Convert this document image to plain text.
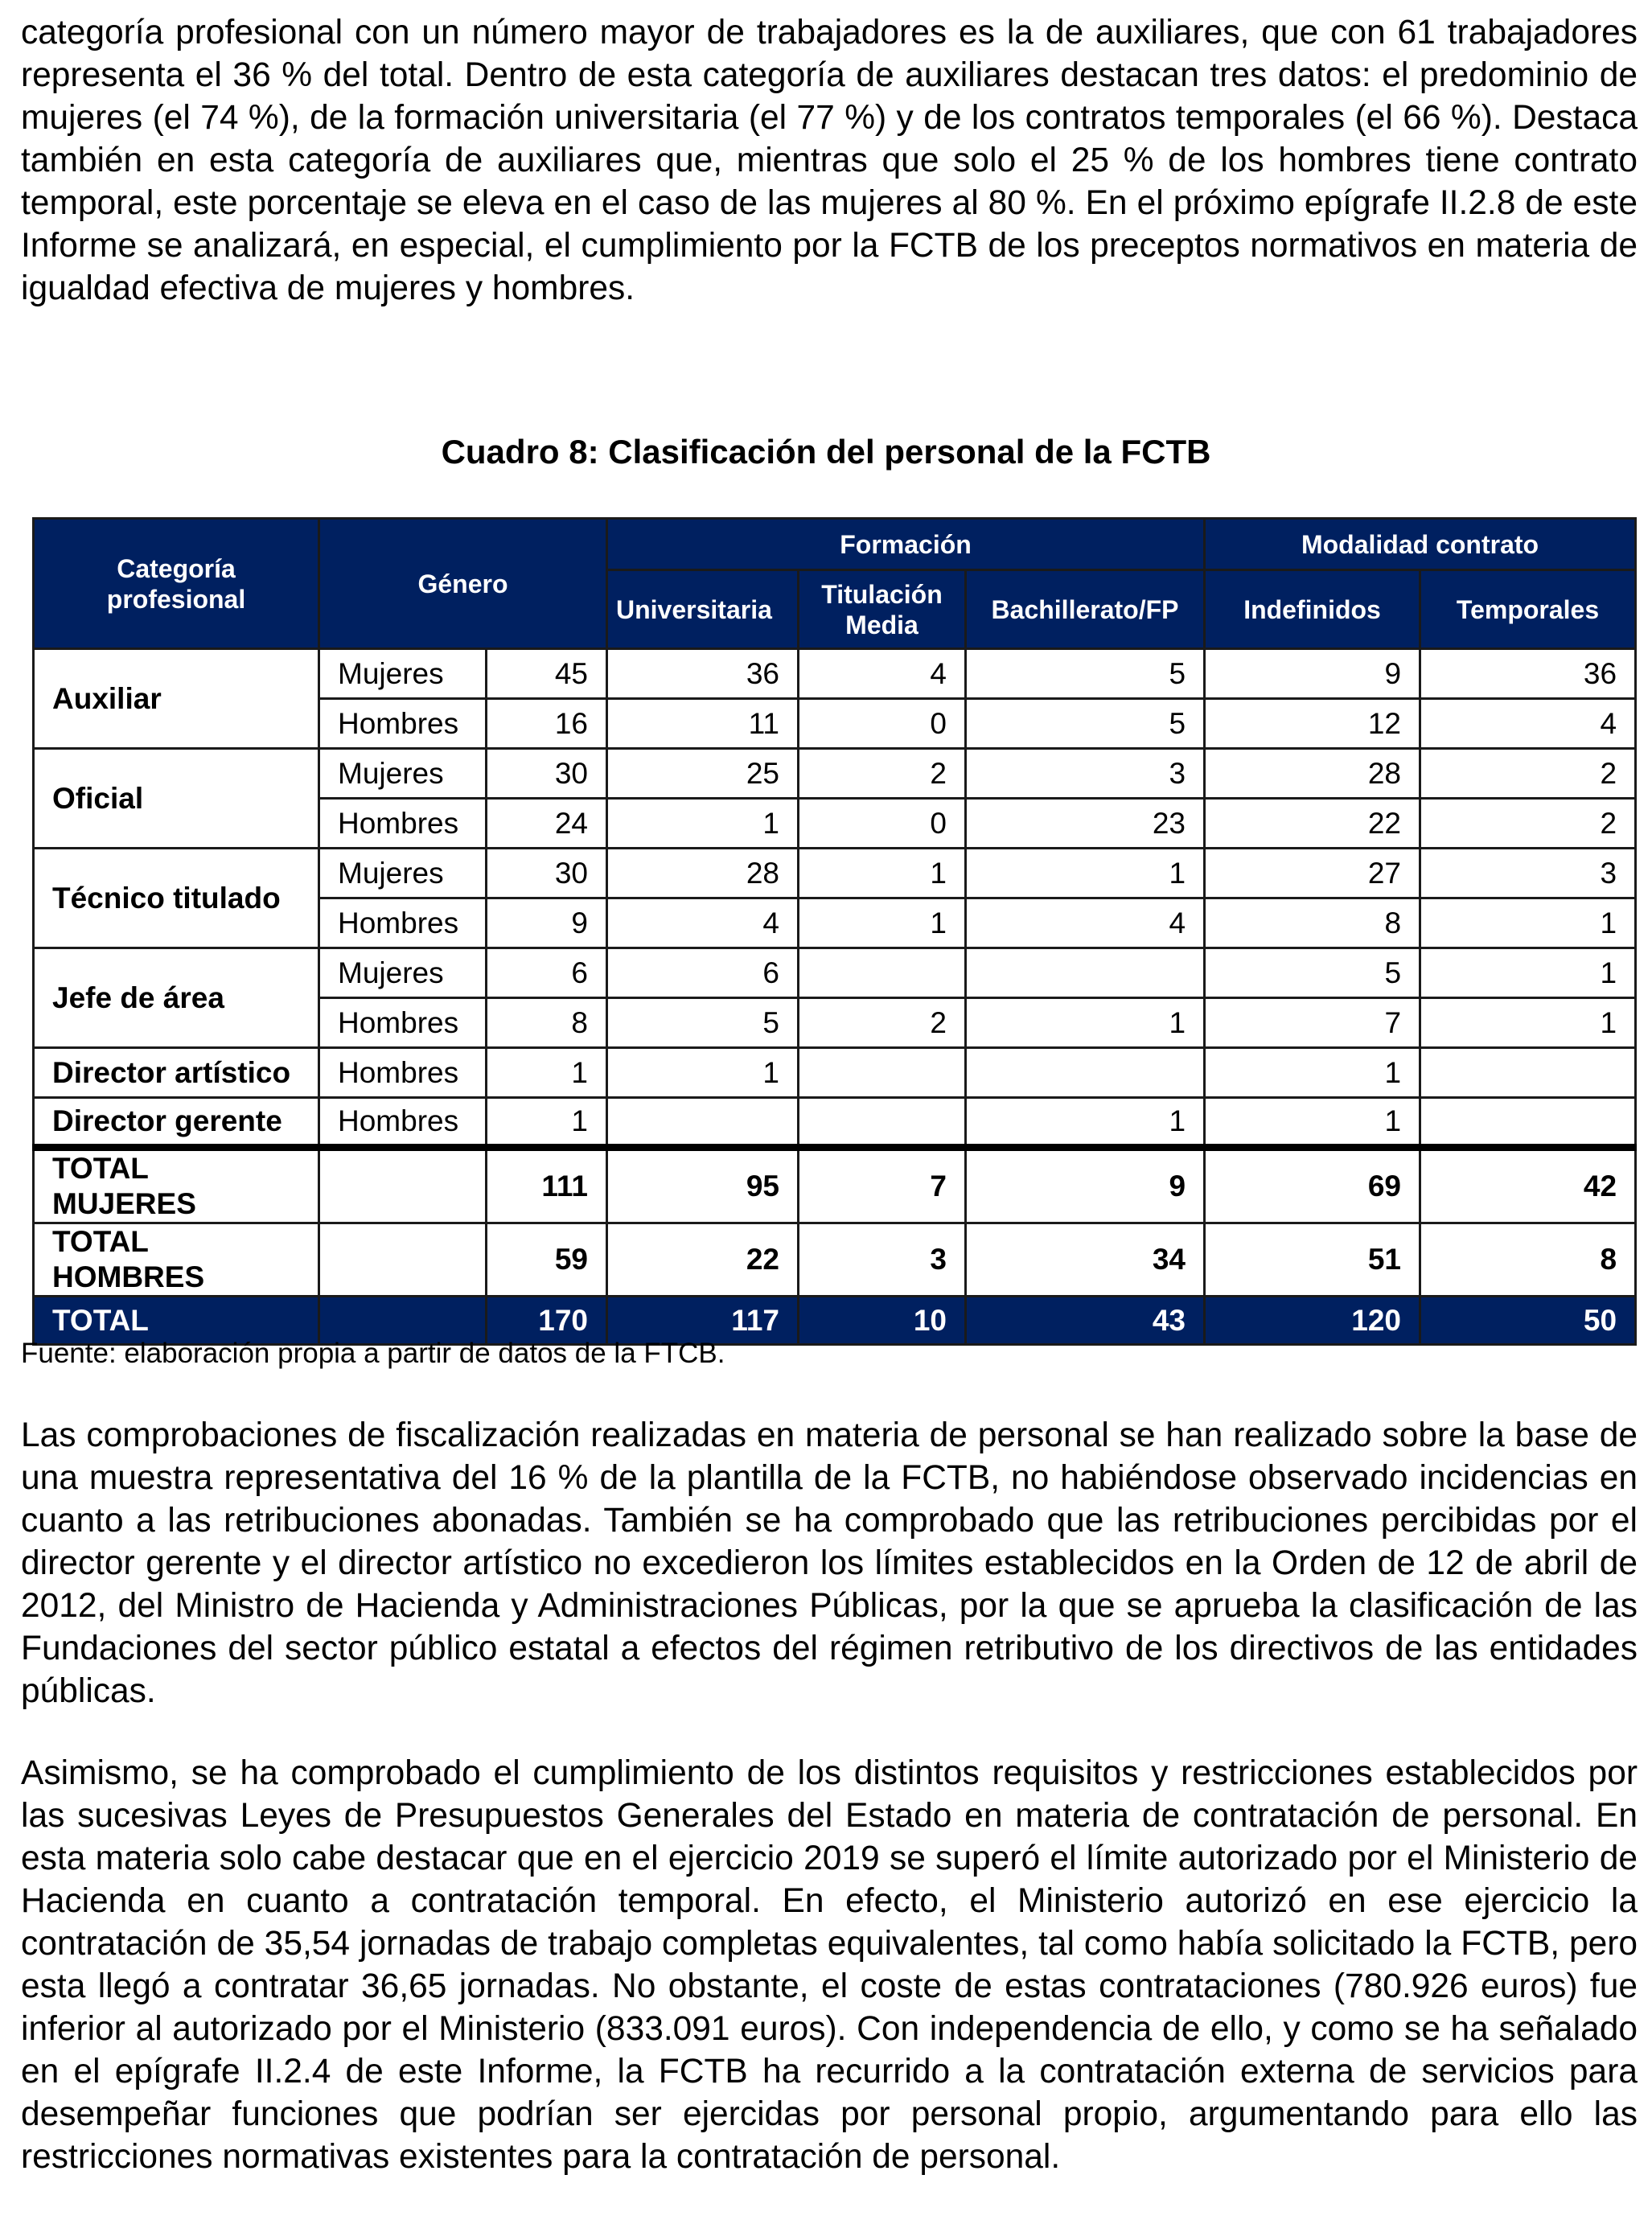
categoría profesional con un número mayor de trabajadores es la de auxiliares, que con 61 trabajadores representa el 36 % del total. Dentro de esta categoría de auxiliares destacan tres datos: el predominio de mujeres (el 74 %), de la formación universitaria (el 77 %) y de los contratos temporales (el 66 %). Destaca también en esta categoría de auxiliares que, mientras que solo el 25 % de los hombres tiene contrato temporal, este porcentaje se eleva en el caso de las mujeres al 80 %. En el próximo epígrafe II.2.8 de este Informe se analizará, en especial, el cumplimiento por la FCTB de los preceptos normativos en materia de igualdad efectiva de mujeres y hombres.

Cuadro 8: Clasificación del personal de la FCTB
Categoría profesional	Género		Formación			Modalidad contrato	
			Universitaria	Titulación Media	Bachillerato/FP	Indefinidos	Temporales
Auxiliar	Mujeres	45	36	4	5	9	36
	Hombres	16	11	0	5	12	4
Oficial	Mujeres	30	25	2	3	28	2
	Hombres	24	1	0	23	22	2
Técnico titulado	Mujeres	30	28	1	1	27	3
	Hombres	9	4	1	4	8	1
Jefe de área	Mujeres	6	6			5	1
	Hombres	8	5	2	1	7	1
Director artístico	Hombres	1	1			1	
Director gerente	Hombres	1			1	1	
TOTAL
MUJERES		111	95	7	9	69	42
TOTAL
HOMBRES		59	22	3	34	51	8
TOTAL		170	117	10	43	120	50
Fuente: elaboración propia a partir de datos de la FTCB.

Las comprobaciones de fiscalización realizadas en materia de personal se han realizado sobre la base de una muestra representativa del 16 % de la plantilla de la FCTB, no habiéndose observado incidencias en cuanto a las retribuciones abonadas. También se ha comprobado que las retribuciones percibidas por el director gerente y el director artístico no excedieron los límites establecidos en la Orden de 12 de abril de 2012, del Ministro de Hacienda y Administraciones Públicas, por la que se aprueba la clasificación de las Fundaciones del sector público estatal a efectos del régimen retributivo de los directivos de las entidades públicas.

Asimismo, se ha comprobado el cumplimiento de los distintos requisitos y restricciones establecidos por las sucesivas Leyes de Presupuestos Generales del Estado en materia de contratación de personal. En esta materia solo cabe destacar que en el ejercicio 2019 se superó el límite autorizado por el Ministerio de Hacienda en cuanto a contratación temporal. En efecto, el Ministerio autorizó en ese ejercicio la contratación de 35,54 jornadas de trabajo completas equivalentes, tal como había solicitado la FCTB, pero esta llegó a contratar 36,65 jornadas. No obstante, el coste de estas contrataciones (780.926 euros) fue inferior al autorizado por el Ministerio (833.091 euros). Con independencia de ello, y como se ha señalado en el epígrafe II.2.4 de este Informe, la FCTB ha recurrido a la contratación externa de servicios para desempeñar funciones que podrían ser ejercidas por personal propio, argumentando para ello las restricciones normativas existentes para la contratación de personal.
